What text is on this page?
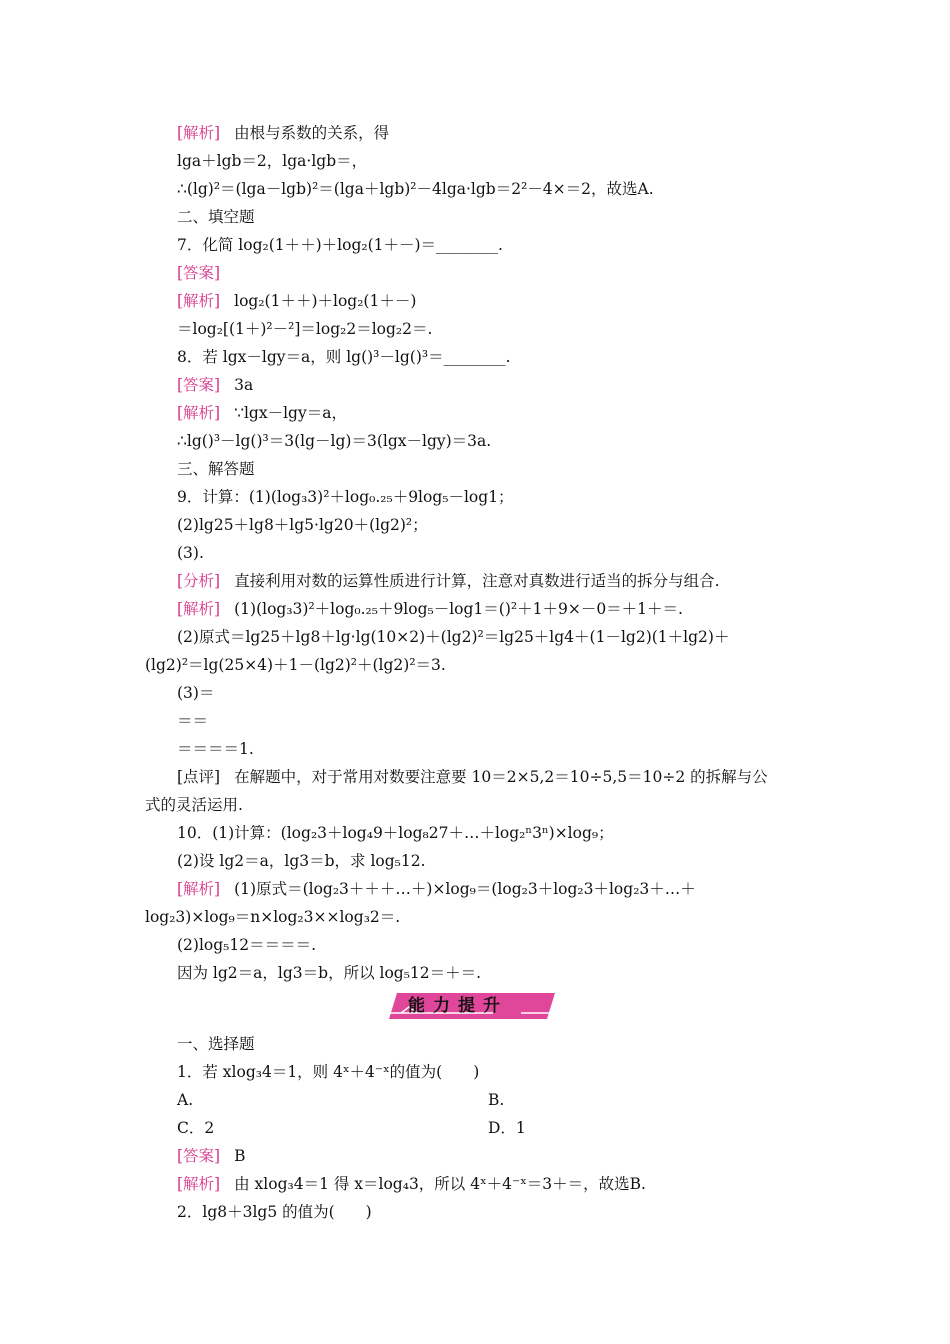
[解析] 由根与系数的关系，得
lga＋lgb＝2，lga·lgb＝，
∴(lg)²＝(lga－lgb)²＝(lga＋lgb)²－4lga·lgb＝2²－4×＝2，故选A.
二、填空题
7．化简 log₂(1＋＋)＋log₂(1＋－)＝________.
[答案]
[解析] log₂(1＋＋)＋log₂(1＋－)
＝log₂[(1＋)²－²]＝log₂2＝log₂2＝.
8．若 lgx－lgy＝a，则 lg()³－lg()³＝________.
[答案] 3a
[解析] ∵lgx－lgy＝a，
∴lg()³－lg()³＝3(lg－lg)＝3(lgx－lgy)＝3a.
三、解答题
9．计算：(1)(log₃3)²＋log₀.₂₅＋9log₅－log1；
(2)lg25＋lg8＋lg5·lg20＋(lg2)²；
(3).
[分析] 直接利用对数的运算性质进行计算，注意对真数进行适当的拆分与组合.
[解析] (1)(log₃3)²＋log₀.₂₅＋9log₅－log1＝()²＋1＋9×－0＝＋1＋＝.
(2)原式＝lg25＋lg8＋lg·lg(10×2)＋(lg2)²＝lg25＋lg4＋(1－lg2)(1＋lg2)＋
(lg2)²＝lg(25×4)＋1－(lg2)²＋(lg2)²＝3.
(3)＝
＝＝
＝＝＝＝1.
[点评] 在解题中，对于常用对数要注意要 10＝2×5,2＝10÷5,5＝10÷2 的拆解与公
式的灵活运用.
10．(1)计算：(log₂3＋log₄9＋log₈27＋…＋log₂ⁿ3ⁿ)×log₉；
(2)设 lg2＝a，lg3＝b，求 log₅12.
[解析] (1)原式＝(log₂3＋＋＋…＋)×log₉＝(log₂3＋log₂3＋log₂3＋…＋
log₂3)×log₉＝n×log₂3××log₃2＝.
(2)log₅12＝＝＝＝.
因为 lg2＝a，lg3＝b，所以 log₅12＝＋＝.
能力提升
一、选择题
1．若 xlog₃4＝1，则 4ˣ＋4⁻ˣ的值为(　　)
A.	B.
C．2	D．1
[答案] B
[解析] 由 xlog₃4＝1 得 x＝log₄3，所以 4ˣ＋4⁻ˣ＝3＋＝，故选B.
2．lg8＋3lg5 的值为(　　)
